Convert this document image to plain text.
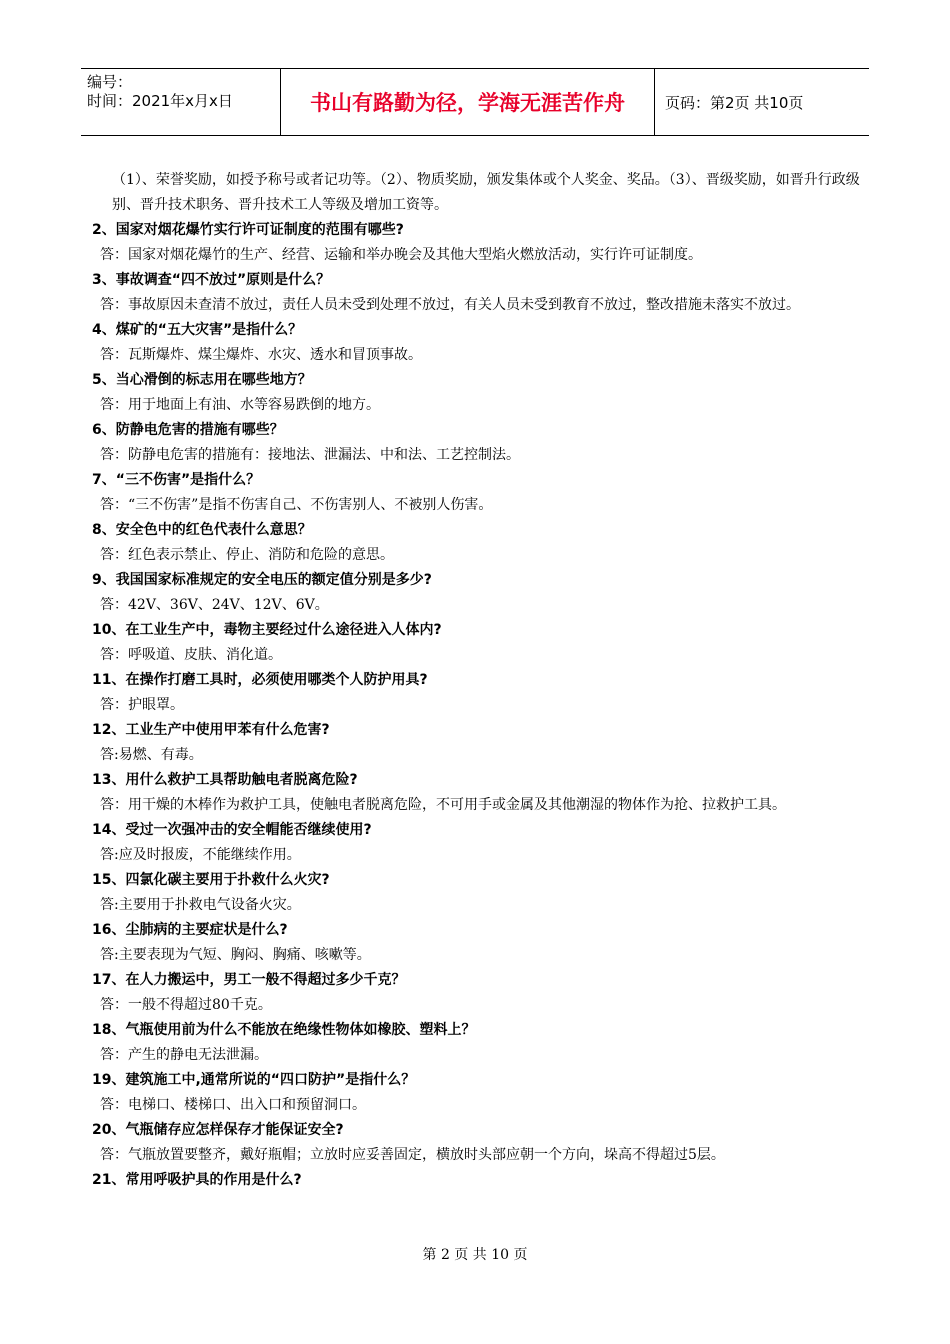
编号：
时间：2021年x月x日	书山有路勤为径，学海无涯苦作舟	页码：第2页 共10页

（1）、荣誉奖励，如授予称号或者记功等。（2）、物质奖励，颁发集体或个人奖金、奖品。（3）、晋级奖励，如晋升行政级别、晋升技术职务、晋升技术工人等级及增加工资等。

2、国家对烟花爆竹实行许可证制度的范围有哪些?

答：国家对烟花爆竹的生产、经营、运输和举办晚会及其他大型焰火燃放活动，实行许可证制度。

3、事故调查“四不放过”原则是什么？

答：事故原因未查清不放过，责任人员未受到处理不放过，有关人员未受到教育不放过，整改措施未落实不放过。

4、煤矿的“五大灾害”是指什么？

答：瓦斯爆炸、煤尘爆炸、水灾、透水和冒顶事故。

5、当心滑倒的标志用在哪些地方？

答：用于地面上有油、水等容易跌倒的地方。

6、防静电危害的措施有哪些？

答：防静电危害的措施有：接地法、泄漏法、中和法、工艺控制法。

7、“三不伤害”是指什么？

答：“三不伤害”是指不伤害自己、不伤害别人、不被别人伤害。

8、安全色中的红色代表什么意思？

答：红色表示禁止、停止、消防和危险的意思。

9、我国国家标准规定的安全电压的额定值分别是多少?

答：42V、36V、24V、12V、6V。

10、在工业生产中，毒物主要经过什么途径进入人体内?

答：呼吸道、皮肤、消化道。

11、在操作打磨工具时，必须使用哪类个人防护用具?

答：护眼罩。

12、工业生产中使用甲苯有什么危害?

答:易燃、有毒。

13、用什么救护工具帮助触电者脱离危险?

答：用干燥的木棒作为救护工具，使触电者脱离危险，不可用手或金属及其他潮湿的物体作为抢、拉救护工具。

14、受过一次强冲击的安全帽能否继续使用?

答:应及时报废，不能继续作用。

15、四氯化碳主要用于扑救什么火灾?

答:主要用于扑救电气设备火灾。

16、尘肺病的主要症状是什么?

答:主要表现为气短、胸闷、胸痛、咳嗽等。

17、在人力搬运中，男工一般不得超过多少千克？

答：一般不得超过80千克。

18、气瓶使用前为什么不能放在绝缘性物体如橡胶、塑料上？

答：产生的静电无法泄漏。

19、建筑施工中,通常所说的“四口防护”是指什么？

答：电梯口、楼梯口、出入口和预留洞口。

20、气瓶储存应怎样保存才能保证安全?

答：气瓶放置要整齐，戴好瓶帽；立放时应妥善固定，横放时头部应朝一个方向，垛高不得超过5层。

21、常用呼吸护具的作用是什么?

第 2 页 共 10 页
